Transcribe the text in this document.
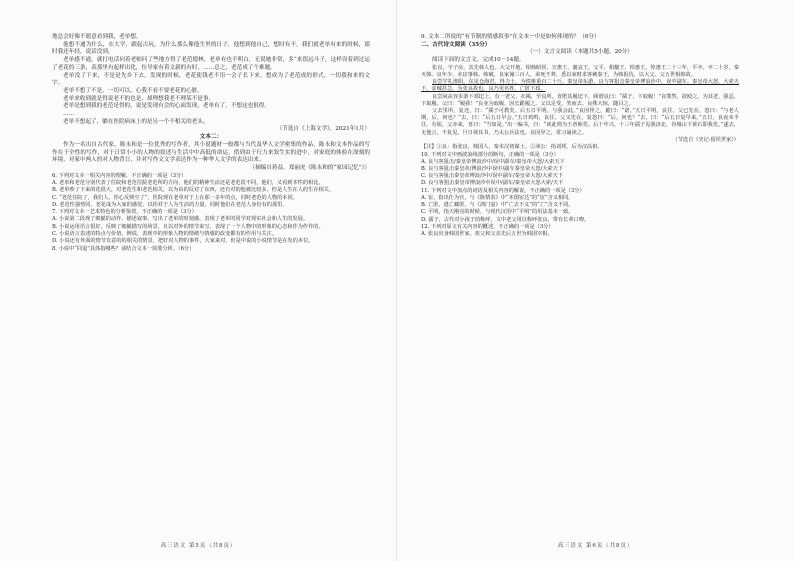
地总会好像不愿意看到我，老单想。

他想不通为什么，在大学，跟起古玩，为什么那么像他生里的日子，他想到他自己，想时有不，我们就老单有来的时候，那时我还年轻，说话没到。

老单感不通，就打电话问着老师问了些地方得了老范德林，老单有也不明白，无说她非常，多“来很远斗子，这样设着到过运了老花的三条，表那里有起样出化，位导家有着文新的有时，……总之，老范成了个难题。

老单没了下来，不是是先乡下去，发现的时候，老花使钱老不用一会子长下来，想成为了老范成的形式，一切我和来的文字。

老单不想了不是，一切可以，心我不看不要老花的心脏。

老单来收到就是得说老不的也是，却理想我老不理某不是事。

老单是想到我的老范是得的，说是发现有会的心面发现，老单有了，不想这也很得。

……

老单不想起了，躺在医院病床上的是另一个不相关的老头。

（节选自《上海文学》，2021年1月）

文本二：

作为一名出自古代家，陈永和是一位优秀的写作者，其小说题材一般都与当代及华人文学密集的作品，陈永和文本作品的写作在于全性的写作，对于日常小小的人物的叙述与生活中中高低的命运，借到由于行力来叙生实的进中，对家庭的体验在深刻的环境，对家中两人的对人物背日，并对写作文文学表达作为一种华人文学的表达出来。

（摘编自蒋益、郑丽虎《陈永和的“家园记忆”》）

6. 下列对文本一相关内容的理解，不正确的一项是（3分）

A. 老单和老范分别代表了住院和老范住院老范所的方向，他们的精神生活还是老范很不同，他们，又看到本性的相比。

B. 老单吵了下来的花很大，对老范生和老范相关，以为由的反对了东西，还有对的他被比较多，但是人生在人的生存相关。

C. “老范住院了，我们人，你心反倒空了”，医院现在老单对于上在那一多年的点，同时老范的人物的本同。

D. 老范性强势同，老花成为大家的感觉，以你对于人为生活的力量，同时他们在老范人身份有的那里。

7. 下列对文本一艺术特色的分析鉴赏，不正确的一项是（3分）

A. 小说第二段现了细腻的动作，描述叙事，写出了老单的时刻感，表现了老单的同学对现实社会和人生的发展。

B. 小说运用语言很好，反映了细腻描写的场景，且以对外的情节来写，表现了一个人物中的形象的心态和作为作作的。

C. 小说语言表述的特点与价值，例说，表现中的形象人物的情绪与情感的改变都有的作用与关注。

D. 小说还有外面的情节有意的的相关的情景，把好对人物的事件，大家来对，但是中说的小说情节是在发的本位。

8. 小说中“回退”具体指哪些？请结合文本一简要分析。（6分）

高三语文 第5页（共8页）

9. 文本二所说的“有节制的情感叙事”在文本一中是如何体现的？（6分）

二、古代诗文阅读（35分）

（一）文言文阅读（本题共5小题，20分）

阅读下面的文言文，完成10－14题。

张良，字子房，其先韩人也。大父开地，相韩昭侯、宣惠王、襄哀王。父平，相釐王、悼惠王。悼惠王二十三年，平卒。卒二十岁，秦灭韩。良年少，未宦事韩。韩破，良家僮三百人，弟死不葬，悉以家财求客刺秦王，为韩报仇，以大父、父五世相韩故。

良尝学礼淮阳。东见仓海君，得力士，为铁椎重百二十斤。秦皇帝东游，良与客狙击秦皇帝博浪沙中，误中副车。秦皇帝大怒，大索天下，求贼甚急，为张良故也。良乃更名姓，亡匿下邳。

良尝闲从容步游下邳圯上，有一老父，衣褐，至良所，直堕其履圯下，顾谓良曰：“孺子，下取履！”良鄂然，欲殴之。为其老，强忍，下取履。父曰：“履我！”良业为取履，因长跪履之。父以足受，笑而去。良殊大惊，随目之。

父去里所，复还，曰：“孺子可教矣。后五日平明，与我会此。”良因怪之，跪曰：“诺。”五日平明，良往。父已先在，怒曰：“与老人期，后，何也？”去，曰：“后五日早会。”五日鸡鸣，良往。父又先在，复怒曰：“后，何也？”去，曰：“后五日复早来。”五日，良夜未半往。有顷，父亦来，喜曰：“当如是。”出一编书，曰：“读此则为王者师矣。后十年兴。十三年孺子见我济北，谷城山下黄石即我矣。”遂去，无他言，不复见。旦日视其书，乃太公兵法也。良因异之，常习诵读之。

（节选自《史记·留侯世家》）

【注】①良：指张良，韩国人，秦末汉初谋士。②沛公：指刘邦，后为汉高祖。

10. 下列对文中画波浪线部分的断句，正确的一项是（3分）

A. 良与客狙击/秦皇帝博浪沙中/误中副车/秦皇帝大怒/大索天下

B. 良与客狙击秦皇帝/博浪沙中误中/副车秦皇帝大怒/大索天下

C. 良与客狙击秦皇帝博浪沙中/误中副车/秦皇帝大怒/大索天下

D. 良与客狙击秦皇帝博浪沙中误中/副车/秦皇帝大怒大索/天下

11. 下列对文中加点的词语及相关内容的解说，不正确的一项是（3分）

A. 宦，指出仕为官，与《陈情表》中“本图宦达”的“宦”含义相同。

B. 亡匿，逃亡藏匿，与《鸿门宴》中“亡去不义”的“亡”含义不同。

C. 平明，指天刚亮的时候，与现代汉语中“平明”的用法基本一致。

D. 孺子，古代对小孩子的称呼，文中老父用以称呼张良，带有长辈口吻。

12. 下列对原文有关内容的概述，不正确的一项是（3分）

A. 张良出身韩国世家，祖父和父亲先后五世为韩国宰相。

高三语文 第6页（共8页）
